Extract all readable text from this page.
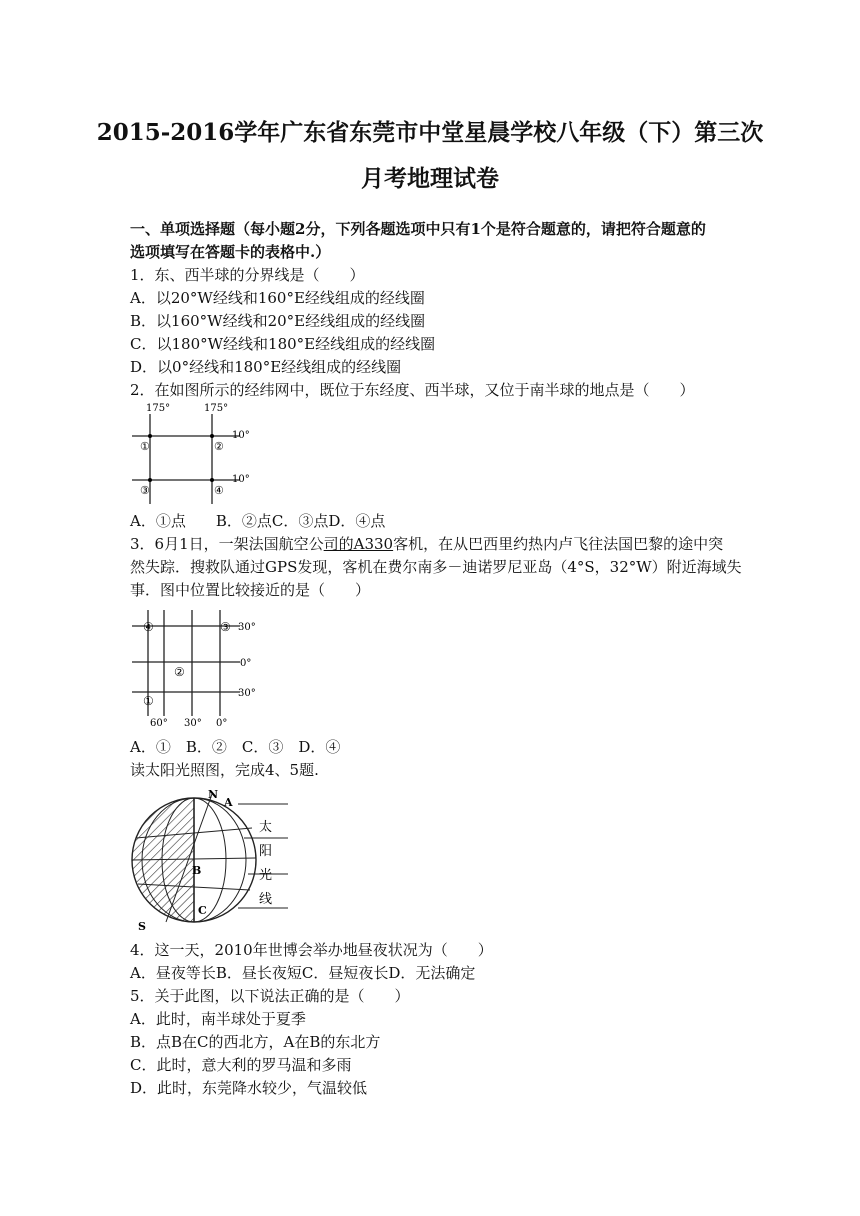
2015-2016学年广东省东莞市中堂星晨学校八年级（下）第三次
月考地理试卷
一、单项选择题（每小题2分，下列各题选项中只有1个是符合题意的，请把符合题意的
选项填写在答题卡的表格中.）
1．东、西半球的分界线是（　　）
A．以20°W经线和160°E经线组成的经线圈
B．以160°W经线和20°E经线组成的经线圈
C．以180°W经线和180°E经线组成的经线圈
D．以0°经线和180°E经线组成的经线圈
2．在如图所示的经纬网中，既位于东经度、西半球，又位于南半球的地点是（　　）
175°	175°
10°
10°
①	②
③	④
A．①点　　B．②点C．③点D．④点
3．6月1日，一架法国航空公司的A330客机，在从巴西里约热内卢飞往法国巴黎的途中突
然失踪．搜救队通过GPS发现，客机在费尔南多－迪诺罗尼亚岛（4°S，32°W）附近海域失
事．图中位置比较接近的是（　　）
30°
0°
30°
60° 30° 0°
④	③
②
①
A．①　B．②　C．③　D．④
读太阳光照图，完成4、5题.
N
A
B
C
S
太
阳
光
线
4．这一天，2010年世博会举办地昼夜状况为（　　）
A．昼夜等长B．昼长夜短C．昼短夜长D．无法确定
5．关于此图，以下说法正确的是（　　）
A．此时，南半球处于夏季
B．点B在C的西北方，A在B的东北方
C．此时，意大利的罗马温和多雨
D．此时，东莞降水较少，气温较低
